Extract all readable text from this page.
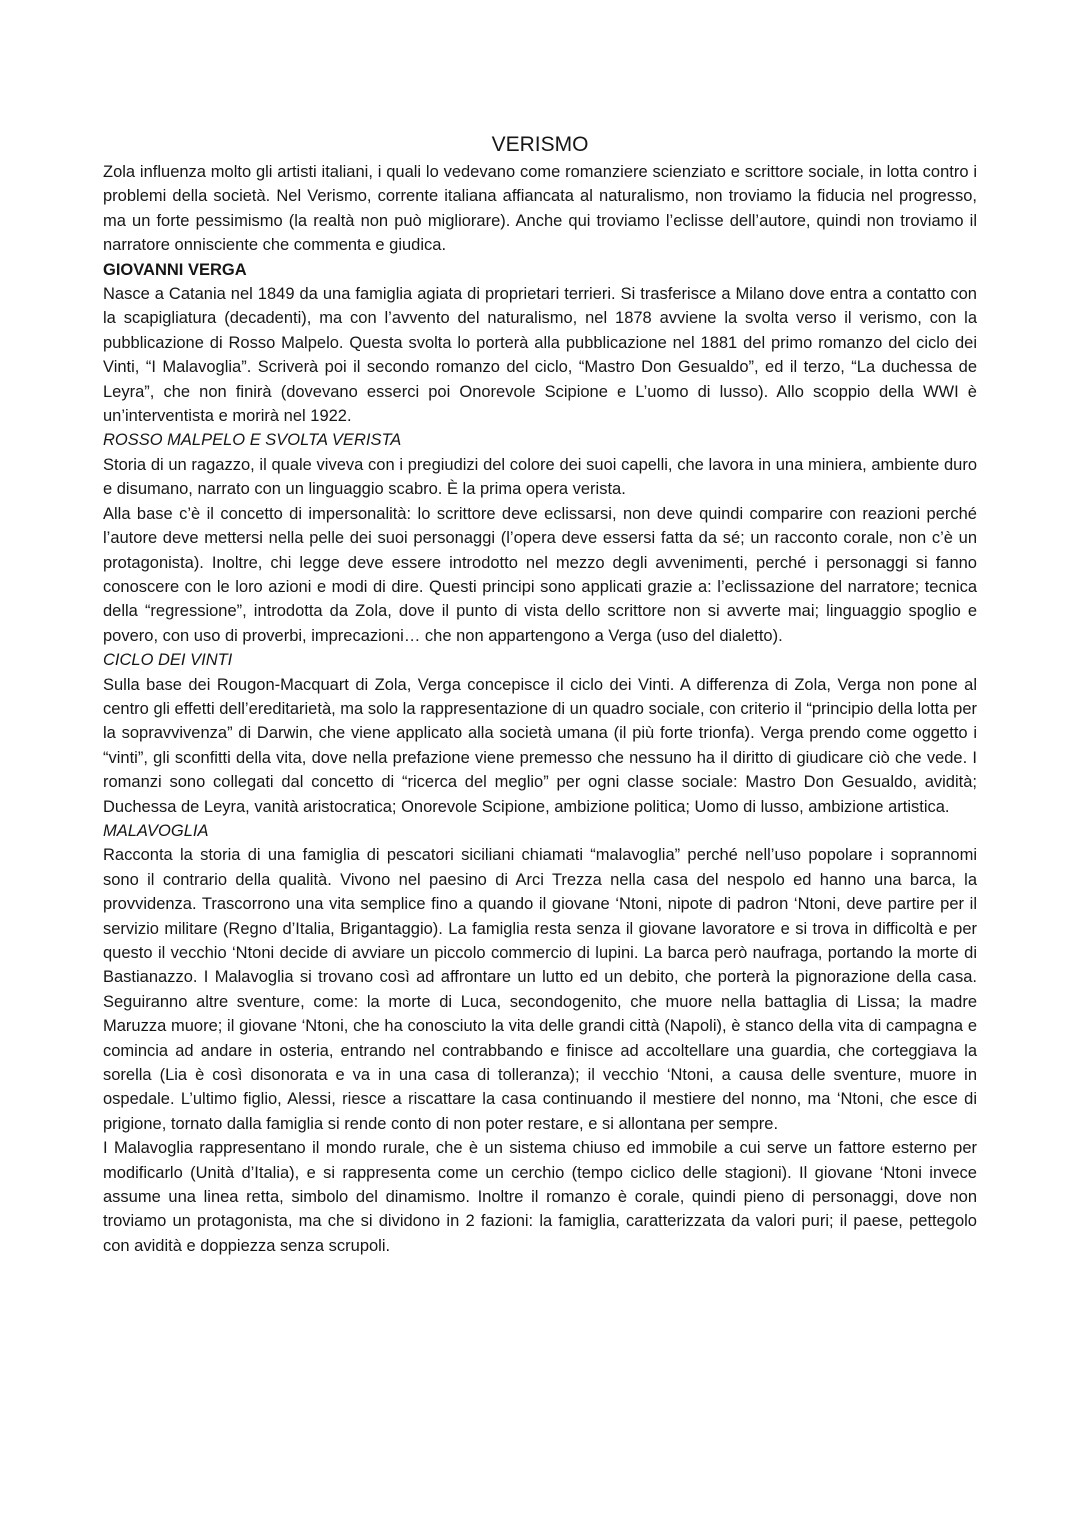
VERISMO

Zola influenza molto gli artisti italiani, i quali lo vedevano come romanziere scienziato e scrittore sociale, in lotta contro i problemi della società. Nel Verismo, corrente italiana affiancata al naturalismo, non troviamo la fiducia nel progresso, ma un forte pessimismo (la realtà non può migliorare). Anche qui troviamo l’eclisse dell’autore, quindi non troviamo il narratore onnisciente che commenta e giudica.

GIOVANNI VERGA

Nasce a Catania nel 1849 da una famiglia agiata di proprietari terrieri. Si trasferisce a Milano dove entra a contatto con la scapigliatura (decadenti), ma con l’avvento del naturalismo, nel 1878 avviene la svolta verso il verismo, con la pubblicazione di Rosso Malpelo. Questa svolta lo porterà alla pubblicazione nel 1881 del primo romanzo del ciclo dei Vinti, “I Malavoglia”. Scriverà poi il secondo romanzo del ciclo, “Mastro Don Gesualdo”, ed il terzo, “La duchessa de Leyra”, che non finirà (dovevano esserci poi Onorevole Scipione e L’uomo di lusso). Allo scoppio della WWI è un’interventista e morirà nel 1922.

ROSSO MALPELO E SVOLTA VERISTA

Storia di un ragazzo, il quale viveva con i pregiudizi del colore dei suoi capelli, che lavora in una miniera, ambiente duro e disumano, narrato con un linguaggio scabro. È la prima opera verista.

Alla base c’è il concetto di impersonalità: lo scrittore deve eclissarsi, non deve quindi comparire con reazioni perché l’autore deve mettersi nella pelle dei suoi personaggi (l’opera deve essersi fatta da sé; un racconto corale, non c’è un protagonista). Inoltre, chi legge deve essere introdotto nel mezzo degli avvenimenti, perché i personaggi si fanno conoscere con le loro azioni e modi di dire. Questi principi sono applicati grazie a: l’eclissazione del narratore; tecnica della “regressione”, introdotta da Zola, dove il punto di vista dello scrittore non si avverte mai; linguaggio spoglio e povero, con uso di proverbi, imprecazioni… che non appartengono a Verga (uso del dialetto).

CICLO DEI VINTI

Sulla base dei Rougon-Macquart di Zola, Verga concepisce il ciclo dei Vinti. A differenza di Zola, Verga non pone al centro gli effetti dell’ereditarietà, ma solo la rappresentazione di un quadro sociale, con criterio il “principio della lotta per la sopravvivenza” di Darwin, che viene applicato alla società umana (il più forte trionfa). Verga prendo come oggetto i “vinti”, gli sconfitti della vita, dove nella prefazione viene premesso che nessuno ha il diritto di giudicare ciò che vede. I romanzi sono collegati dal concetto di “ricerca del meglio” per ogni classe sociale: Mastro Don Gesualdo, avidità; Duchessa de Leyra, vanità aristocratica; Onorevole Scipione, ambizione politica; Uomo di lusso, ambizione artistica.

MALAVOGLIA

Racconta la storia di una famiglia di pescatori siciliani chiamati “malavoglia” perché nell’uso popolare i soprannomi sono il contrario della qualità. Vivono nel paesino di Arci Trezza nella casa del nespolo ed hanno una barca, la provvidenza. Trascorrono una vita semplice fino a quando il giovane ‘Ntoni, nipote di padron ‘Ntoni, deve partire per il servizio militare (Regno d’Italia, Brigantaggio). La famiglia resta senza il giovane lavoratore e si trova in difficoltà e per questo il vecchio ‘Ntoni decide di avviare un piccolo commercio di lupini. La barca però naufraga, portando la morte di Bastianazzo. I Malavoglia si trovano così ad affrontare un lutto ed un debito, che porterà la pignorazione della casa. Seguiranno altre sventure, come: la morte di Luca, secondogenito, che muore nella battaglia di Lissa; la madre Maruzza muore; il giovane ‘Ntoni, che ha conosciuto la vita delle grandi città (Napoli), è stanco della vita di campagna e comincia ad andare in osteria, entrando nel contrabbando e finisce ad accoltellare una guardia, che corteggiava la sorella (Lia è così disonorata e va in una casa di tolleranza); il vecchio ‘Ntoni, a causa delle sventure, muore in ospedale. L’ultimo figlio, Alessi, riesce a riscattare la casa continuando il mestiere del nonno, ma ‘Ntoni, che esce di prigione, tornato dalla famiglia si rende conto di non poter restare, e si allontana per sempre.

I Malavoglia rappresentano il mondo rurale, che è un sistema chiuso ed immobile a cui serve un fattore esterno per modificarlo (Unità d’Italia), e si rappresenta come un cerchio (tempo ciclico delle stagioni). Il giovane ‘Ntoni invece assume una linea retta, simbolo del dinamismo. Inoltre il romanzo è corale, quindi pieno di personaggi, dove non troviamo un protagonista, ma che si dividono in 2 fazioni: la famiglia, caratterizzata da valori puri; il paese, pettegolo con avidità e doppiezza senza scrupoli.
